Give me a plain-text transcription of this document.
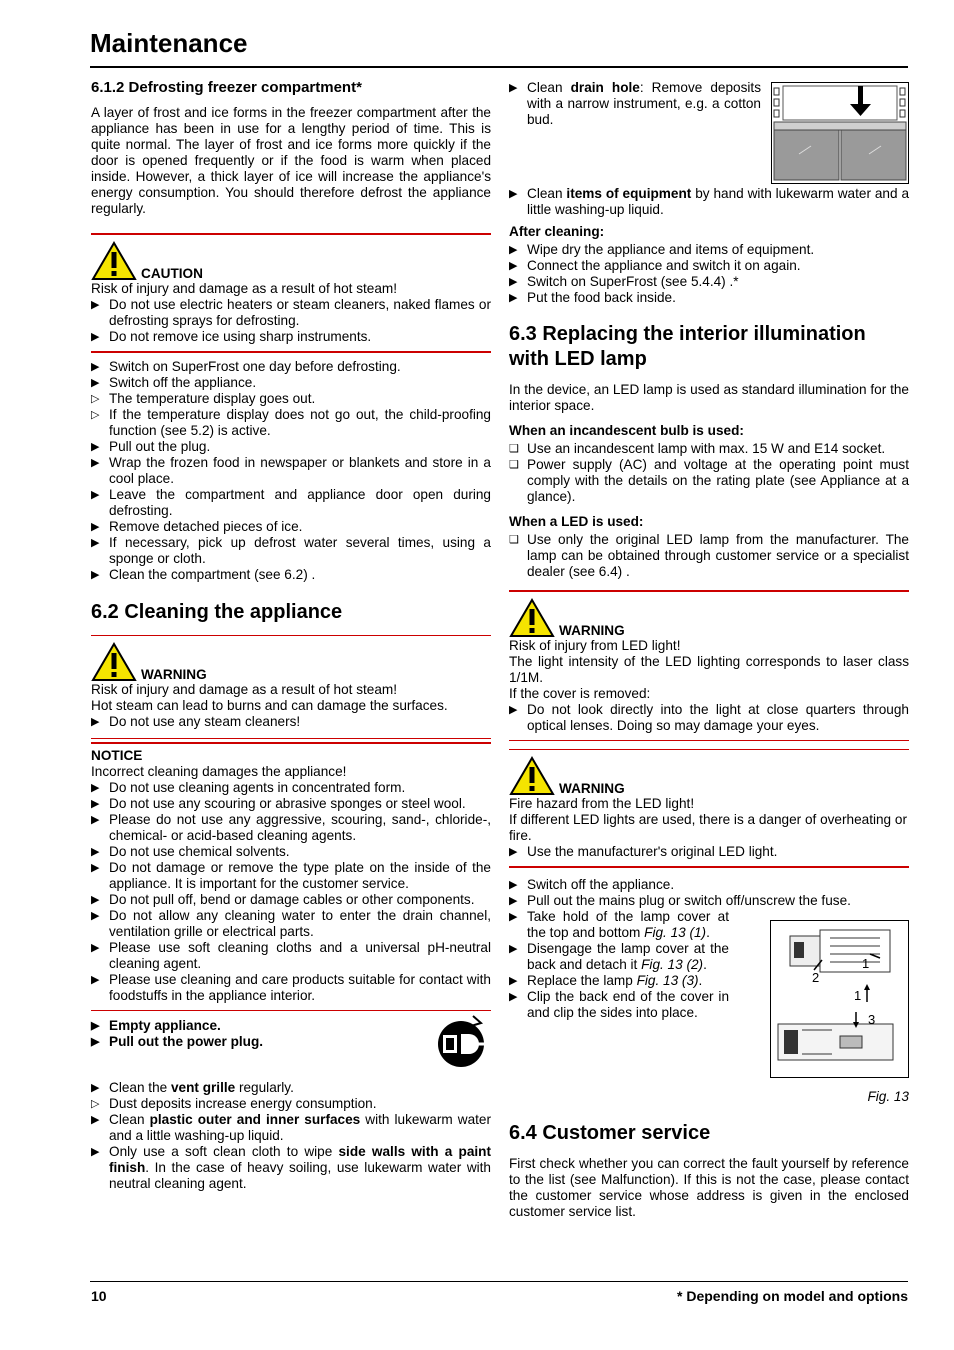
Maintenance
6.1.2 Defrosting freezer compartment*

A layer of frost and ice forms in the freezer compartment after the appliance has been in use for a lengthy period of time. This is quite normal. The layer of frost and ice forms more quickly if the door is opened frequently or if the food is warm when placed inside. However, a thick layer of ice will increase the appliance's energy consumption. You should therefore defrost the appliance regularly.

CAUTION

Risk of injury and damage as a result of hot steam!

▶ Do not use electric heaters or steam cleaners, naked flames or defrosting sprays for defrosting.
▶ Do not remove ice using sharp instruments.
▶ Switch on SuperFrost one day before defrosting.
▶ Switch off the appliance.
▷ The temperature display goes out.
▷ If the temperature display does not go out, the child-proofing function (see 5.2) is active.
▶ Pull out the plug.
▶ Wrap the frozen food in newspaper or blankets and store in a cool place.
▶ Leave the compartment and appliance door open during defrosting.
▶ Remove detached pieces of ice.
▶ If necessary, pick up defrost water several times, using a sponge or cloth.
▶ Clean the compartment (see 6.2) .
6.2 Cleaning the appliance
WARNING

Risk of injury and damage as a result of hot steam!

Hot steam can lead to burns and can damage the surfaces.

▶ Do not use any steam cleaners!

NOTICE

Incorrect cleaning damages the appliance!

▶ Do not use cleaning agents in concentrated form.
▶ Do not use any scouring or abrasive sponges or steel wool.
▶ Please do not use any aggressive, scouring, sand-, chloride-, chemical- or acid-based cleaning agents.
▶ Do not use chemical solvents.
▶ Do not damage or remove the type plate on the inside of the appliance. It is important for the customer service.
▶ Do not pull off, bend or damage cables or other components.
▶ Do not allow any cleaning water to enter the drain channel, ventilation grille or electrical parts.
▶ Please use soft cleaning cloths and a universal pH-neutral cleaning agent.
▶ Please use cleaning and care products suitable for contact with foodstuffs in the appliance interior.
▶ Empty appliance.
▶ Pull out the power plug.
▶ Clean the vent grille regularly.
▷ Dust deposits increase energy consumption.
▶ Clean plastic outer and inner surfaces with lukewarm water and a little washing-up liquid.
▶ Only use a soft clean cloth to wipe side walls with a paint finish. In the case of heavy soiling, use lukewarm water with neutral cleaning agent.
▶ Clean drain hole: Remove deposits with a narrow instrument, e.g. a cotton bud.
▶ Clean items of equipment by hand with lukewarm water and a little washing-up liquid.

After cleaning:

▶ Wipe dry the appliance and items of equipment.
▶ Connect the appliance and switch it on again.
▶ Switch on SuperFrost (see 5.4.4) .*
▶ Put the food back inside.
6.3 Replacing the interior illumination with LED lamp

In the device, an LED lamp is used as standard illumination for the interior space.

When an incandescent bulb is used:

❑ Use an incandescent lamp with max. 15 W and E14 socket.
❑ Power supply (AC) and voltage at the operating point must comply with the details on the rating plate (see Appliance at a glance).

When a LED is used:

❑ Use only the original LED lamp from the manufacturer. The lamp can be obtained through customer service or a specialist dealer (see 6.4) .
WARNING

Risk of injury from LED light!

The light intensity of the LED lighting corresponds to laser class 1/1M.

If the cover is removed:

▶ Do not look directly into the light at close quarters through optical lenses. Doing so may damage your eyes.
WARNING

Fire hazard from the LED light!

If different LED lights are used, there is a danger of overheating or fire.

▶ Use the manufacturer's original LED light.
▶ Switch off the appliance.
▶ Pull out the mains plug or switch off/unscrew the fuse.
▶ Take hold of the lamp cover at the top and bottom Fig. 13 (1).
▶ Disengage the lamp cover at the back and detach it Fig. 13 (2).
▶ Replace the lamp Fig. 13 (3).
▶ Clip the back end of the cover in and clip the sides into place.
2
1
1
3

Fig. 13

6.4 Customer service

First check whether you can correct the fault yourself by reference to the list (see Malfunction). If this is not the case, please contact the customer service whose address is given in the enclosed customer service list.

10	* Depending on model and options
